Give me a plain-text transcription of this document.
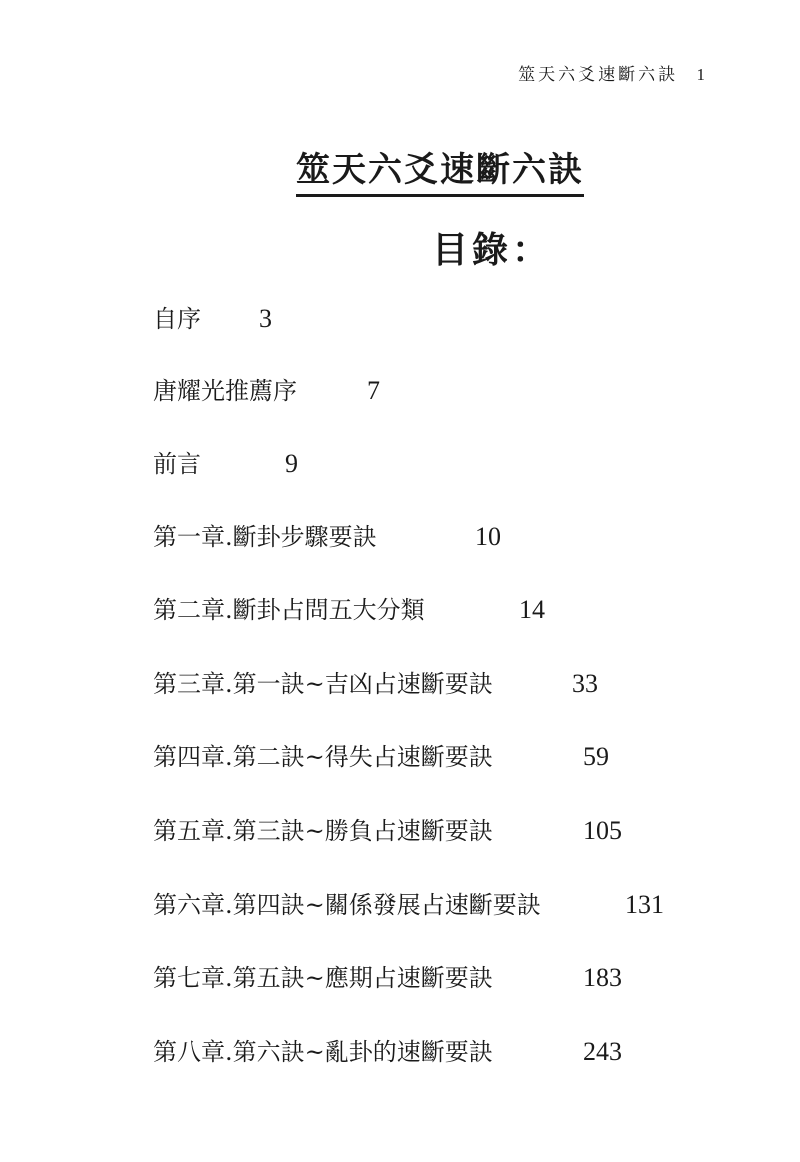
筮天六爻速斷六訣 1
筮天六爻速斷六訣
目錄：
自序 3
唐耀光推薦序	7
前言	9
第一章.斷卦步驟要訣	10
第二章.斷卦占問五大分類	14
第三章.第一訣~吉凶占速斷要訣	33
第四章.第二訣~得失占速斷要訣	59
第五章.第三訣~勝負占速斷要訣	105
第六章.第四訣~關係發展占速斷要訣	131
第七章.第五訣~應期占速斷要訣	183
第八章.第六訣~亂卦的速斷要訣	243
